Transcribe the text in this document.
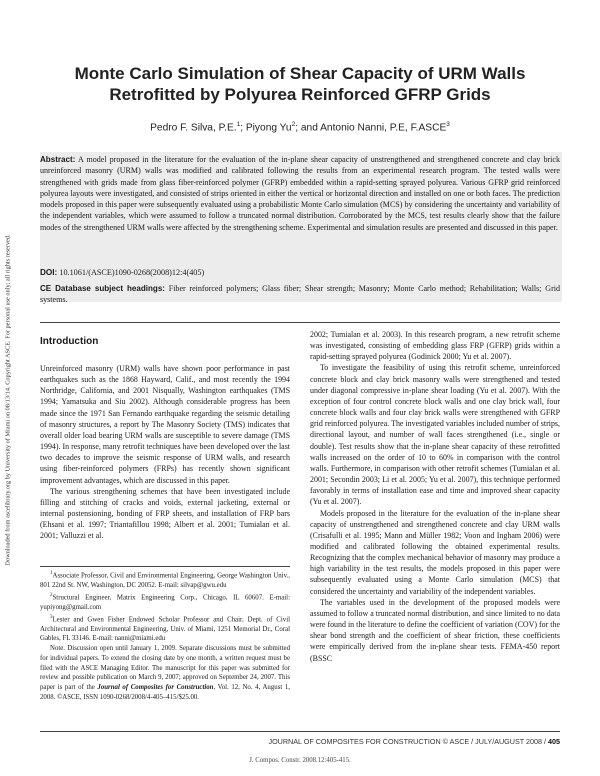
Downloaded from ascelibrary.org by University of Miami on 08/13/14. Copyright ASCE. For personal use only; all rights reserved.
Monte Carlo Simulation of Shear Capacity of URM Walls
Retrofitted by Polyurea Reinforced GFRP Grids
Pedro F. Silva, P.E.$^1$; Piyong Yu$^2$; and Antonio Nanni, P.E, F.ASCE$^3$

Abstract: A model proposed in the literature for the evaluation of the in-plane shear capacity of unstrengthened and strengthened concrete and clay brick unreinforced masonry (URM) walls was modified and calibrated following the results from an experimental research program. The tested walls were strengthened with grids made from glass fiber-reinforced polymer (GFRP) embedded within a rapid-setting sprayed polyurea. Various GFRP grid reinforced polyurea layouts were investigated, and consisted of strips oriented in either the vertical or horizontal direction and installed on one or both faces. The prediction models proposed in this paper were subsequently evaluated using a probabilistic Monte Carlo simulation (MCS) by considering the uncertainty and variability of the independent variables, which were assumed to follow a truncated normal distribution. Corroborated by the MCS, test results clearly show that the failure modes of the strengthened URM walls were affected by the strengthening scheme. Experimental and simulation results are presented and discussed in this paper.

DOI: 10.1061/(ASCE)1090-0268(2008)12:4(405)

CE Database subject headings: Fiber reinforced polymers; Glass fiber; Shear strength; Masonry; Monte Carlo method; Rehabilitation; Walls; Grid systems.

Introduction

Unreinforced masonry (URM) walls have shown poor performance in past earthquakes such as the 1868 Hayward, Calif., and most recently the 1994 Northridge, California, and 2001 Nisqually, Washington earthquakes (TMS 1994; Yamatsuka and Siu 2002). Although considerable progress has been made since the 1971 San Fernando earthquake regarding the seismic detailing of masonry structures, a report by The Masonry Society (TMS) indicates that overall older load bearing URM walls are susceptible to severe damage (TMS 1994). In response, many retrofit techniques have been developed over the last two decades to improve the seismic response of URM walls, and research using fiber-reinforced polymers (FRPs) has recently shown significant improvement advantages, which are discussed in this paper.

The various strengthening schemes that have been investigated include filling and stitching of cracks and voids, external jacketing, external or internal postensioning, bonding of FRP sheets, and installation of FRP bars (Ehsani et al. 1997; Triantafillou 1998; Albert et al. 2001; Tumialan et al. 2001; Valluzzi et al.

$^1$Associate Professor, Civil and Environmental Engineering, George Washington Univ., 801 22nd St. NW, Washington, DC 20052. E-mail: silvap@gwu.edu

$^2$Structural Engineer, Matrix Engineering Corp., Chicago, IL 60607. E-mail: yupiyong@gmail.com

$^3$Lester and Gwen Fisher Endowed Scholar Professor and Chair, Dept. of Civil Architectural and Environmental Engineering, Univ. of Miami, 1251 Memorial Dr., Coral Gables, FL 33146. E-mail: nanni@miami.edu

Note. Discussion open until January 1, 2009. Separate discussions must be submitted for individual papers. To extend the closing date by one month, a written request must be filed with the ASCE Managing Editor. The manuscript for this paper was submitted for review and possible publication on March 9, 2007; approved on September 24, 2007. This paper is part of the Journal of Composites for Construction, Vol. 12, No. 4, August 1, 2008. ©ASCE, ISSN 1090-0268/2008/4-405–415/$25.00.

2002; Tumialan et al. 2003). In this research program, a new retrofit scheme was investigated, consisting of embedding glass FRP (GFRP) grids within a rapid-setting sprayed polyurea (Godinick 2000; Yu et al. 2007).

To investigate the feasibility of using this retrofit scheme, unreinforced concrete block and clay brick masonry walls were strengthened and tested under diagonal compressive in-plane shear loading (Yu et al. 2007). With the exception of four control concrete block walls and one clay brick wall, four concrete block walls and four clay brick walls were strengthened with GFRP grid reinforced polyurea. The investigated variables included number of strips, directional layout, and number of wall faces strengthened (i.e., single or double). Test results show that the in-plane shear capacity of these retrofitted walls increased on the order of 10 to 60% in comparison with the control walls. Furthermore, in comparison with other retrofit schemes (Tumialan et al. 2001; Secondin 2003; Li et al. 2005; Yu et al. 2007), this technique performed favorably in terms of installation ease and time and improved shear capacity (Yu et al. 2007).

Models proposed in the literature for the evaluation of the in-plane shear capacity of unstrengthened and strengthened concrete and clay URM walls (Crisafulli et al. 1995; Mann and Müller 1982; Voon and Ingham 2006) were modified and calibrated following the obtained experimental results. Recognizing that the complex mechanical behavior of masonry may produce a high variability in the test results, the models proposed in this paper were subsequently evaluated using a Monte Carlo simulation (MCS) that considered the uncertainty and variability of the independent variables.

The variables used in the development of the proposed models were assumed to follow a truncated normal distribution, and since limited to no data were found in the literature to define the coefficient of variation (COV) for the shear bond strength and the coefficient of shear friction, these coefficients were empirically derived from the in-plane shear tests. FEMA-450 report (BSSC

JOURNAL OF COMPOSITES FOR CONSTRUCTION © ASCE / JULY/AUGUST 2008 / 405

J. Compos. Constr. 2008.12:405-415.
